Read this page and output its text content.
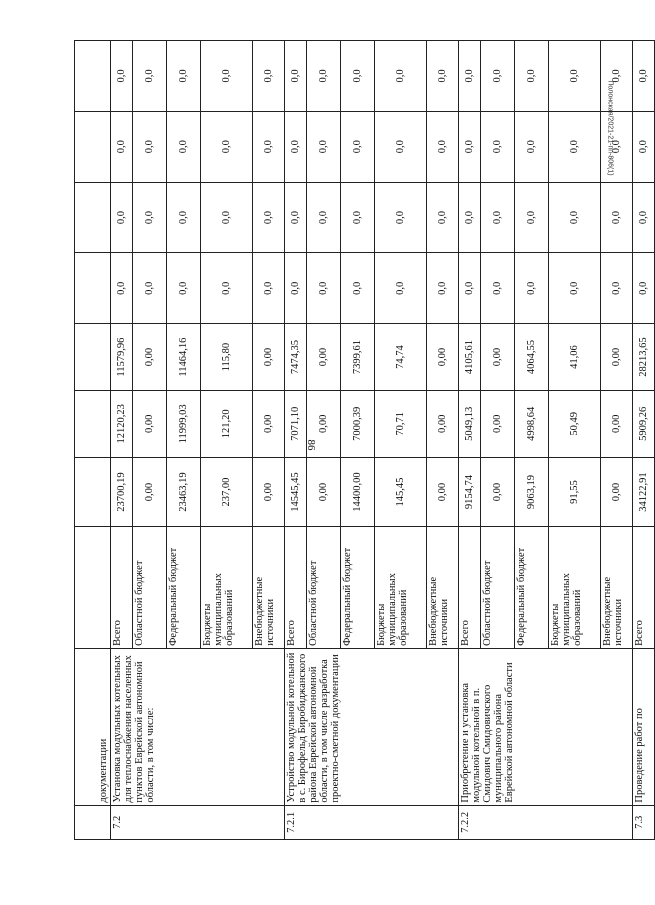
86
Полонская/2021-21-пп-806(1)
	документации								
7.2	Установка модульных котельных для теплоснабжения населенных пунктов Еврейской автономной области, в том числе:	Всего	23700,19	12120,23	11579,96	0,0	0,0	0,0	0,0
		Областной бюджет	0,00	0,00	0,00	0,0	0,0	0,0	0,0
		Федеральный бюджет	23463,19	11999,03	11464,16	0,0	0,0	0,0	0,0
		Бюджеты муниципальных образований	237,00	121,20	115,80	0,0	0,0	0,0	0,0
		Внебюджетные источники	0,00	0,00	0,00	0,0	0,0	0,0	0,0
7.2.1	Устройство модульной котельной в с. Бирофельд Биробиджанского района Еврейской автономной области, в том числе разработка проектно-сметной документации	Всего	14545,45	7071,10	7474,35	0,0	0,0	0,0	0,0
		Областной бюджет	0,00	0,00	0,00	0,0	0,0	0,0	0,0
		Федеральный бюджет	14400,00	7000,39	7399,61	0,0	0,0	0,0	0,0
		Бюджеты муниципальных образований	145,45	70,71	74,74	0,0	0,0	0,0	0,0
		Внебюджетные источники	0,00	0,00	0,00	0,0	0,0	0,0	0,0
7.2.2	Приобретение и установка модульной котельной в п. Смидович Смидовичского муниципального района Еврейской автономной области	Всего	9154,74	5049,13	4105,61	0,0	0,0	0,0	0,0
		Областной бюджет	0,00	0,00	0,00	0,0	0,0	0,0	0,0
		Федеральный бюджет	9063,19	4998,64	4064,55	0,0	0,0	0,0	0,0
		Бюджеты муниципальных образований	91,55	50,49	41,06	0,0	0,0	0,0	0,0
		Внебюджетные источники	0,00	0,00	0,00	0,0	0,0	0,0	0,0
7.3	Проведение работ по	Всего	34122,91	5909,26	28213,65	0,0	0,0	0,0	0,0
